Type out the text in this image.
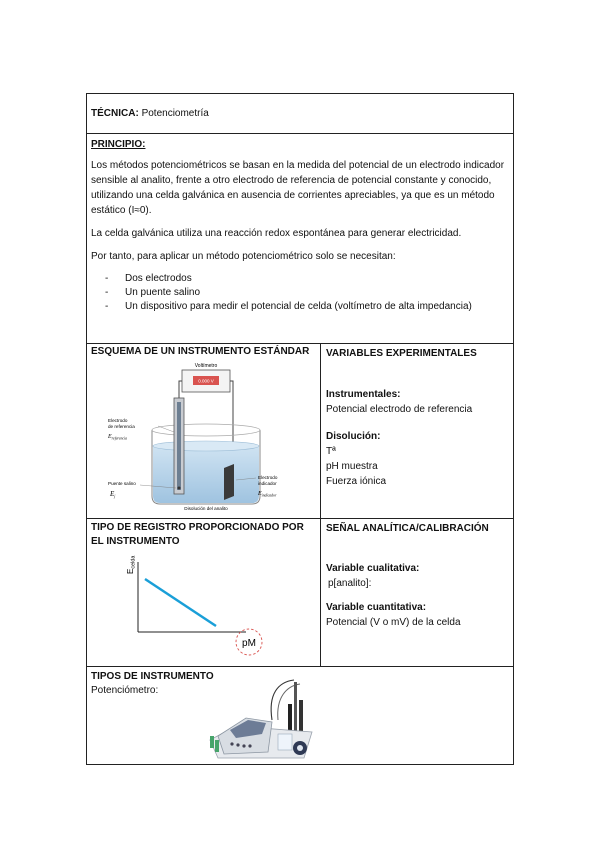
TÉCNICA: Potenciometría

PRINCIPIO:

Los métodos potenciométricos se basan en la medida del potencial de un electrodo indicador sensible al analito, frente a otro electrodo de referencia de potencial constante y conocido, utilizando una celda galvánica en ausencia de corrientes apreciables, ya que es un método estático (I≈0).

La celda galvánica utiliza una reacción redox espontánea para generar electricidad.

Por tanto, para aplicar un método potenciométrico solo se necesitan:

- Dos electrodos
- Un puente salino
- Un dispositivo para medir el potencial de celda (voltímetro de alta impedancia)
ESQUEMA DE UN INSTRUMENTO ESTÁNDAR
Voltímetro
0.000 V
Electrodo
de referencia
$E_{referencia}$
Puente salino
$E_j$
Electrodo
indicador
$E_{indicador}$
Disolución del analito

VARIABLES EXPERIMENTALES

Instrumentales:

Potencial electrodo de referencia

Disolución:

Tª

pH muestra

Fuerza iónica

TIPO DE REGISTRO PROPORCIONADO POR EL INSTRUMENTO
Ecelda
pM

SEÑAL ANALÍTICA/CALIBRACIÓN

Variable cualitativa:

p[analito]:

Variable cuantitativa:

Potencial (V o mV) de la celda

TIPOS DE INSTRUMENTO

Potenciómetro:
